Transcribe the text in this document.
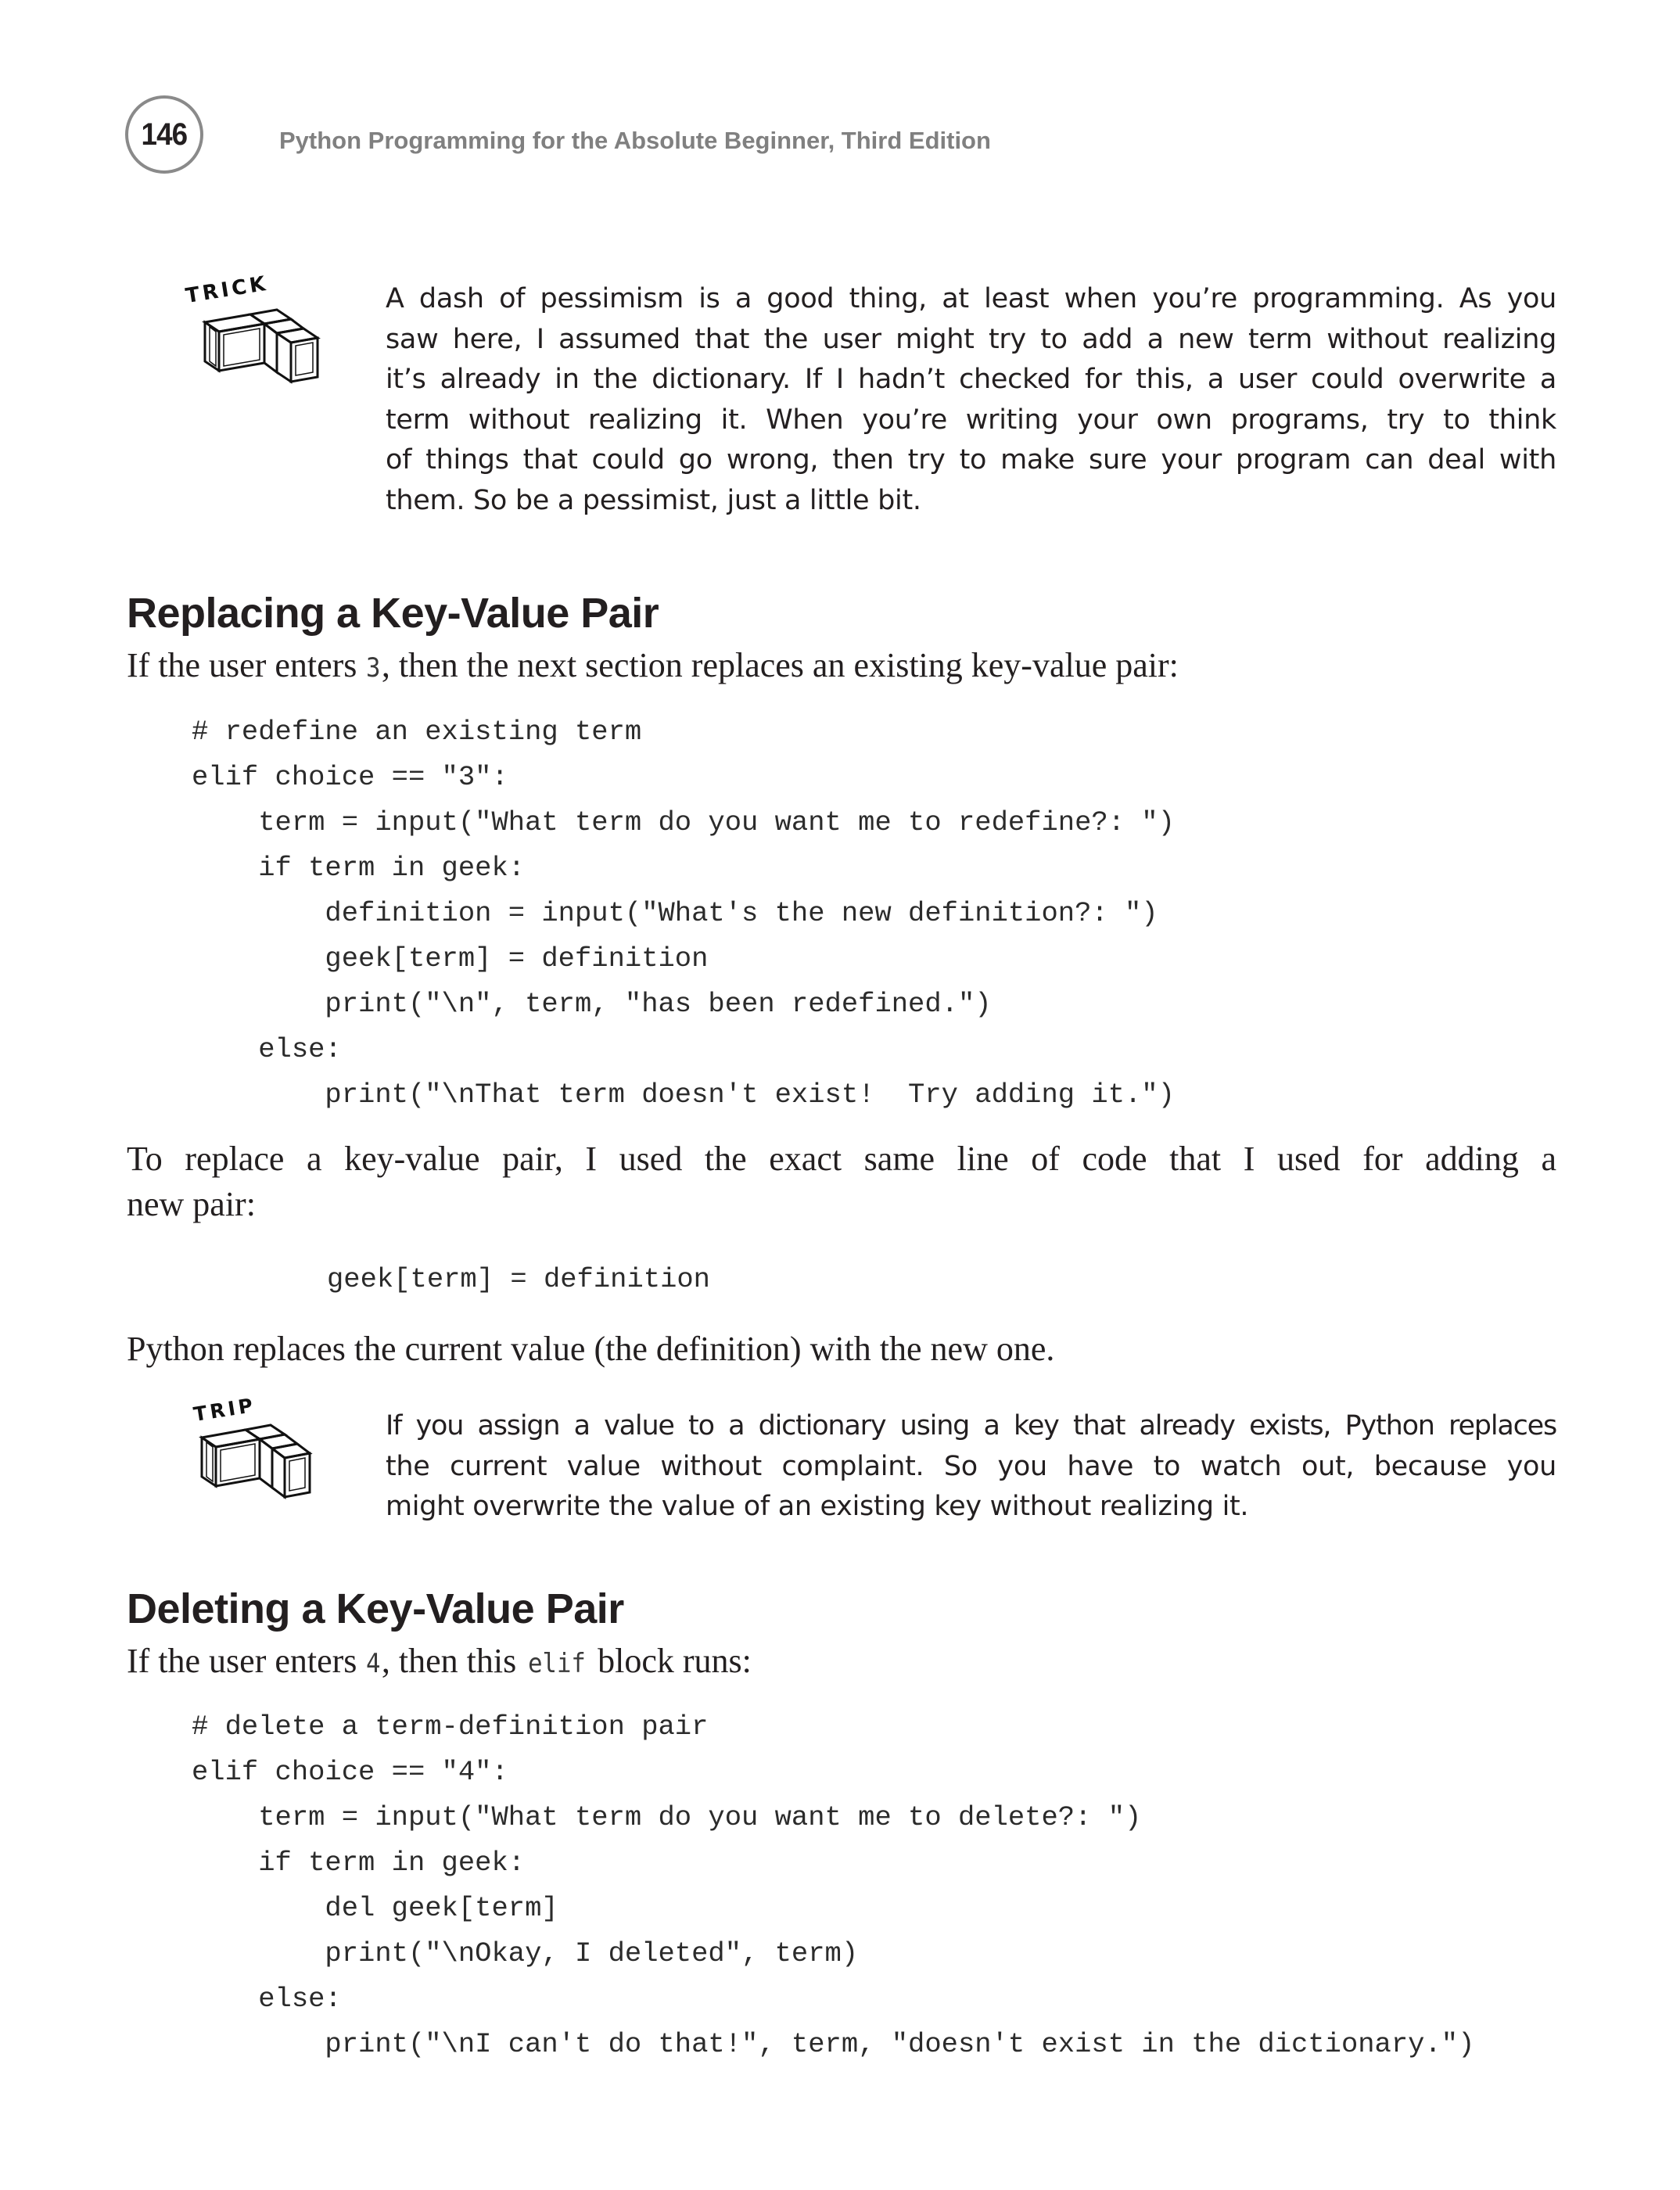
146	Python Programming for the Absolute Beginner, Third Edition
TRICK	A dash of pessimism is a good thing, at least when you’re programming. As you
saw here, I assumed that the user might try to add a new term without realizing
it’s already in the dictionary. If I hadn’t checked for this, a user could overwrite a
term without realizing it. When you’re writing your own programs, try to think
of things that could go wrong, then try to make sure your program can deal with
them. So be a pessimist, just a little bit.
Replacing a Key-Value Pair
If the user enters 3, then the next section replaces an existing key-value pair:
# redefine an existing term
elif choice == "3":
term = input("What term do you want me to redefine?: ")
if term in geek:
definition = input("What's the new definition?: ")
geek[term] = definition
print("\n", term, "has been redefined.")
else:
print("\nThat term doesn't exist!  Try adding it.")
To replace a key-value pair, I used the exact same line of code that I used for adding a
new pair:
geek[term] = definition
Python replaces the current value (the definition) with the new one.
TRIP	If you assign a value to a dictionary using a key that already exists, Python replaces
the current value without complaint. So you have to watch out, because you
might overwrite the value of an existing key without realizing it.
Deleting a Key-Value Pair
If the user enters 4, then this elif block runs:
# delete a term-definition pair
elif choice == "4":
term = input("What term do you want me to delete?: ")
if term in geek:
del geek[term]
print("\nOkay, I deleted", term)
else:
print("\nI can't do that!", term, "doesn't exist in the dictionary.")
